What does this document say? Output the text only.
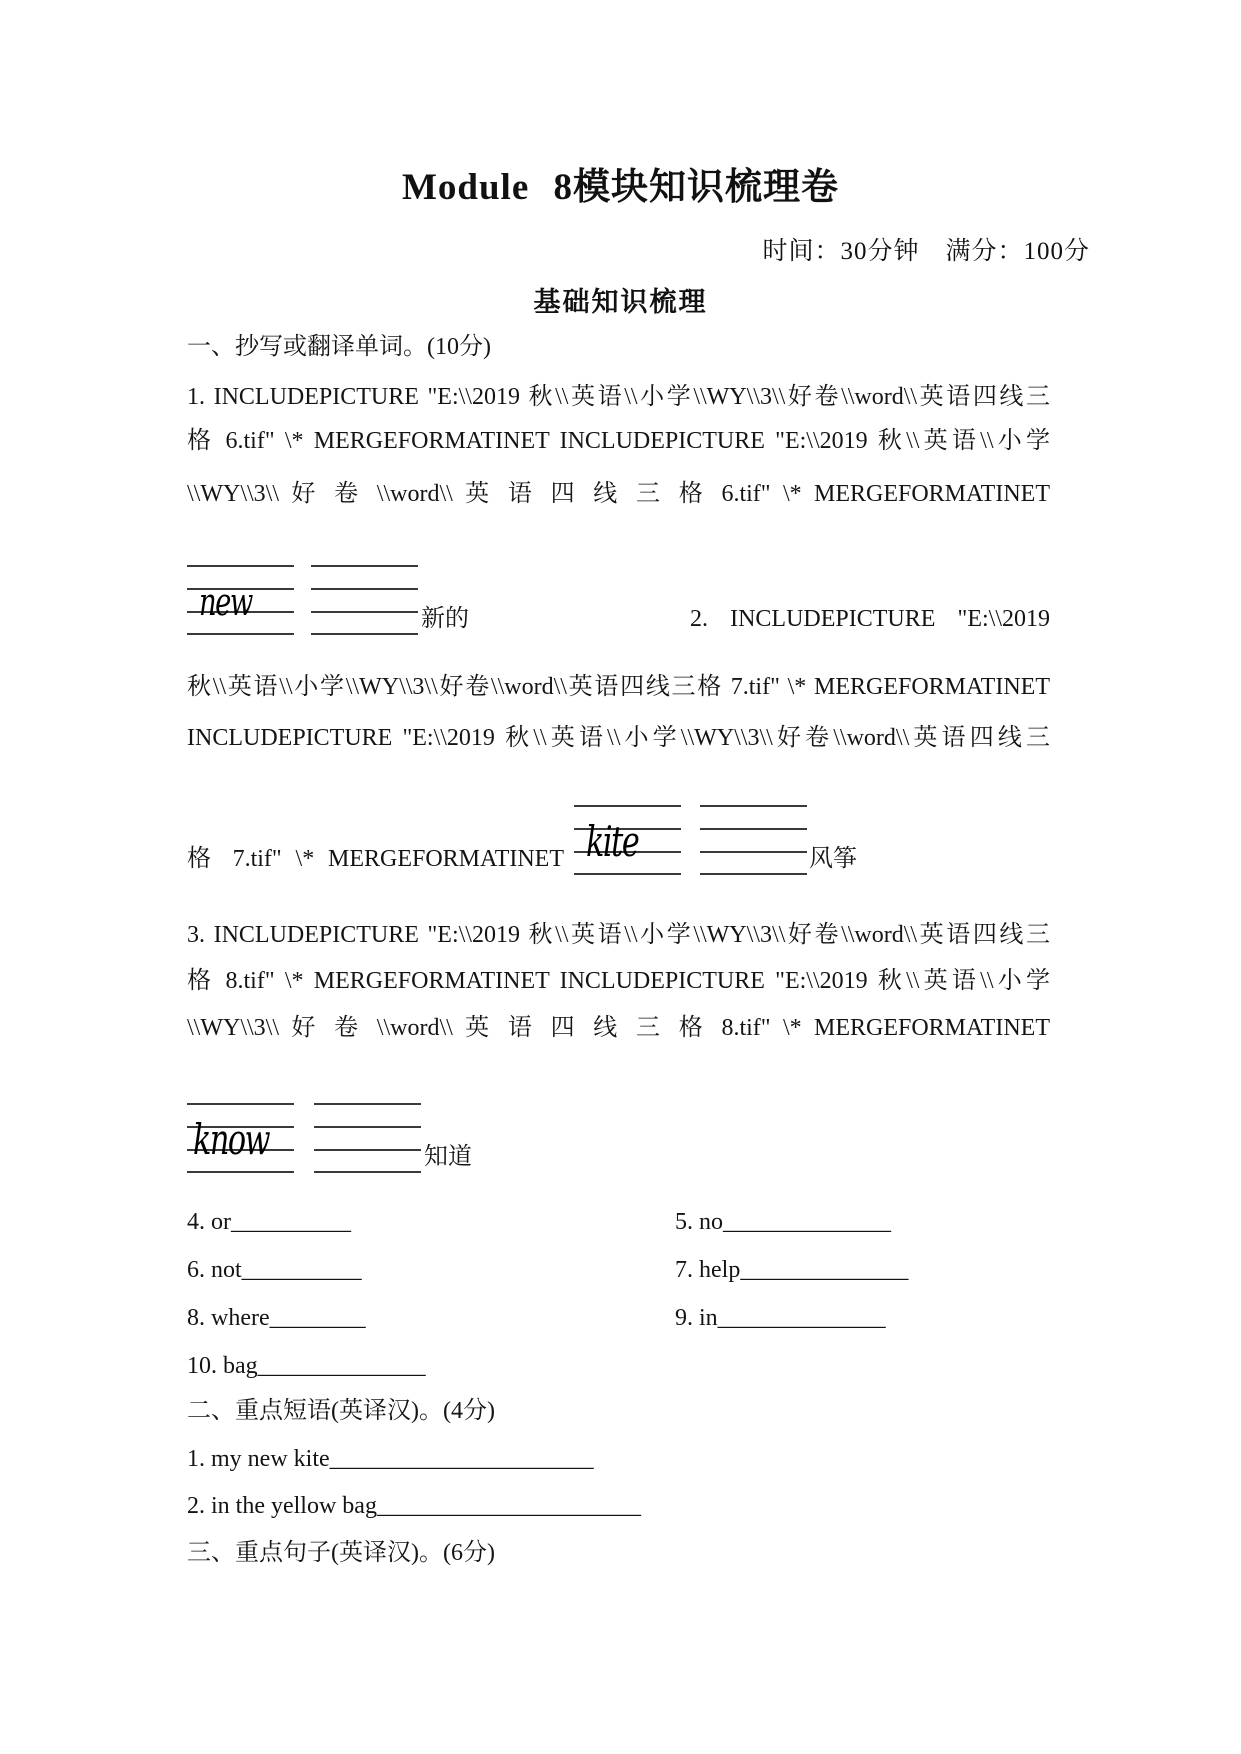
Module 8模块知识梳理卷
时间：30分钟　满分：100分
基础知识梳理
一、抄写或翻译单词。(10分)
1. INCLUDEPICTURE "E:\\2019 秋\\英语\\小学\\WY\\3\\好卷\\word\\英语四线三
格 6.tif" \* MERGEFORMATINET INCLUDEPICTURE "E:\\2019 秋\\英语\\小学
\\WY\\3\\ 好 卷 \\word\\ 英 语 四 线 三 格 6.tif" \* MERGEFORMATINET
new	新的	2. INCLUDEPICTURE "E:\\2019
秋\\英语\\小学\\WY\\3\\好卷\\word\\英语四线三格 7.tif" \* MERGEFORMATINET
INCLUDEPICTURE "E:\\2019 秋\\英语\\小学\\WY\\3\\好卷\\word\\英语四线三
格 7.tif" \* MERGEFORMATINET kite	风筝
3. INCLUDEPICTURE "E:\\2019 秋\\英语\\小学\\WY\\3\\好卷\\word\\英语四线三
格 8.tif" \* MERGEFORMATINET INCLUDEPICTURE "E:\\2019 秋\\英语\\小学
\\WY\\3\\ 好 卷 \\word\\ 英 语 四 线 三 格 8.tif" \* MERGEFORMATINET
know	知道
4. or__________	5. no______________
6. not__________	7. help______________
8. where________	9. in______________
10. bag______________
二、重点短语(英译汉)。(4分)
1. my new kite______________________
2. in the yellow bag______________________
三、重点句子(英译汉)。(6分)
